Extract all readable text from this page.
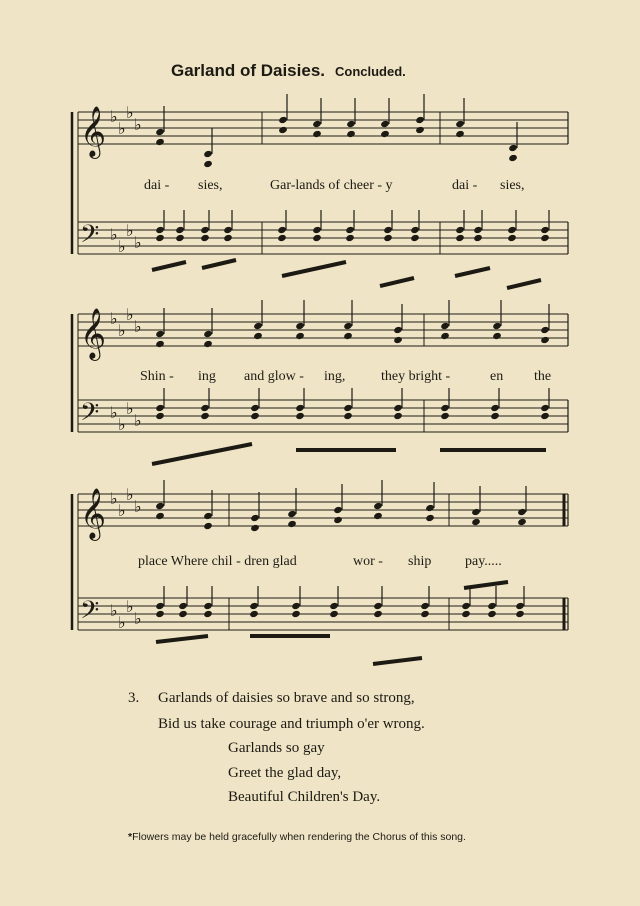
Garland of Daisies. Concluded.
𝄞 ♭
♭
♭
♭
𝄢 ♭
♭
♭
♭
𝄞 ♭
♭
♭
♭
𝄢 ♭
♭
♭
♭
𝄞 ♭
♭
♭
♭
𝄢 ♭
♭
♭
♭
dai - sies,	Gar-lands of cheer - y	dai - sies,
Shin - ing and glow - ing,	they bright -	en the
place Where chil - dren glad	wor - ship pay.....
3. Garlands of daisies so brave and so strong,
Bid us take courage and triumph o'er wrong.
Garlands so gay
Greet the glad day,
Beautiful Children's Day.
*Flowers may be held gracefully when rendering the Chorus of this song.
